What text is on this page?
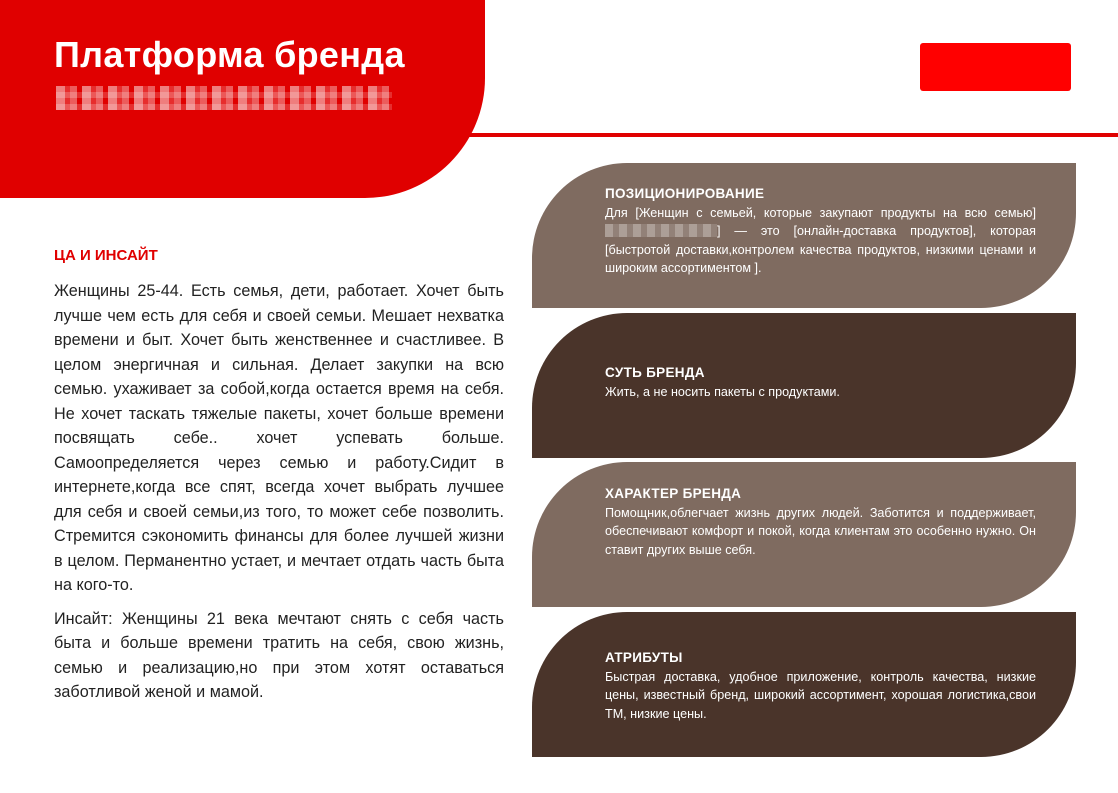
Платформа бренда
ЦА И ИНСАЙТ

Женщины 25-44. Есть семья, дети, работает. Хочет быть лучше чем есть для себя и своей семьи. Мешает нехватка времени и быт. Хочет быть женственнее и счастливее. В целом энергичная и сильная. Делает закупки на всю семью. ухаживает за собой,когда остается время на себя. Не хочет таскать тяжелые пакеты, хочет больше времени посвящать себе.. хочет успевать больше. Самоопределяется через семью и работу.Сидит в интернете,когда все спят, всегда хочет выбрать лучшее для себя и своей семьи,из того, то может себе позволить. Стремится сэкономить финансы для более лучшей жизни в целом. Перманентно устает, и мечтает отдать часть быта на кого-то.

Инсайт: Женщины 21 века мечтают снять с себя часть быта и больше времени тратить на себя, свою жизнь, семью и реализацию,но при этом хотят оставаться заботливой женой и мамой.

ПОЗИЦИОНИРОВАНИЕ

Для [Женщин с семьей, которые закупают продукты на всю семью] ] — это [онлайн-доставка продуктов], которая [быстротой доставки,контролем качества продуктов, низкими ценами и широким ассортиментом ].

СУТЬ БРЕНДА

Жить, а не носить пакеты с продуктами.

ХАРАКТЕР БРЕНДА

Помощник,облегчает жизнь других людей. Заботится и поддерживает, обеспечивают комфорт и покой, когда клиентам это особенно нужно. Он ставит других выше себя.

АТРИБУТЫ

Быстрая доставка, удобное приложение, контроль качества, низкие цены, известный бренд, широкий ассортимент, хорошая логистика,свои ТМ, низкие цены.
